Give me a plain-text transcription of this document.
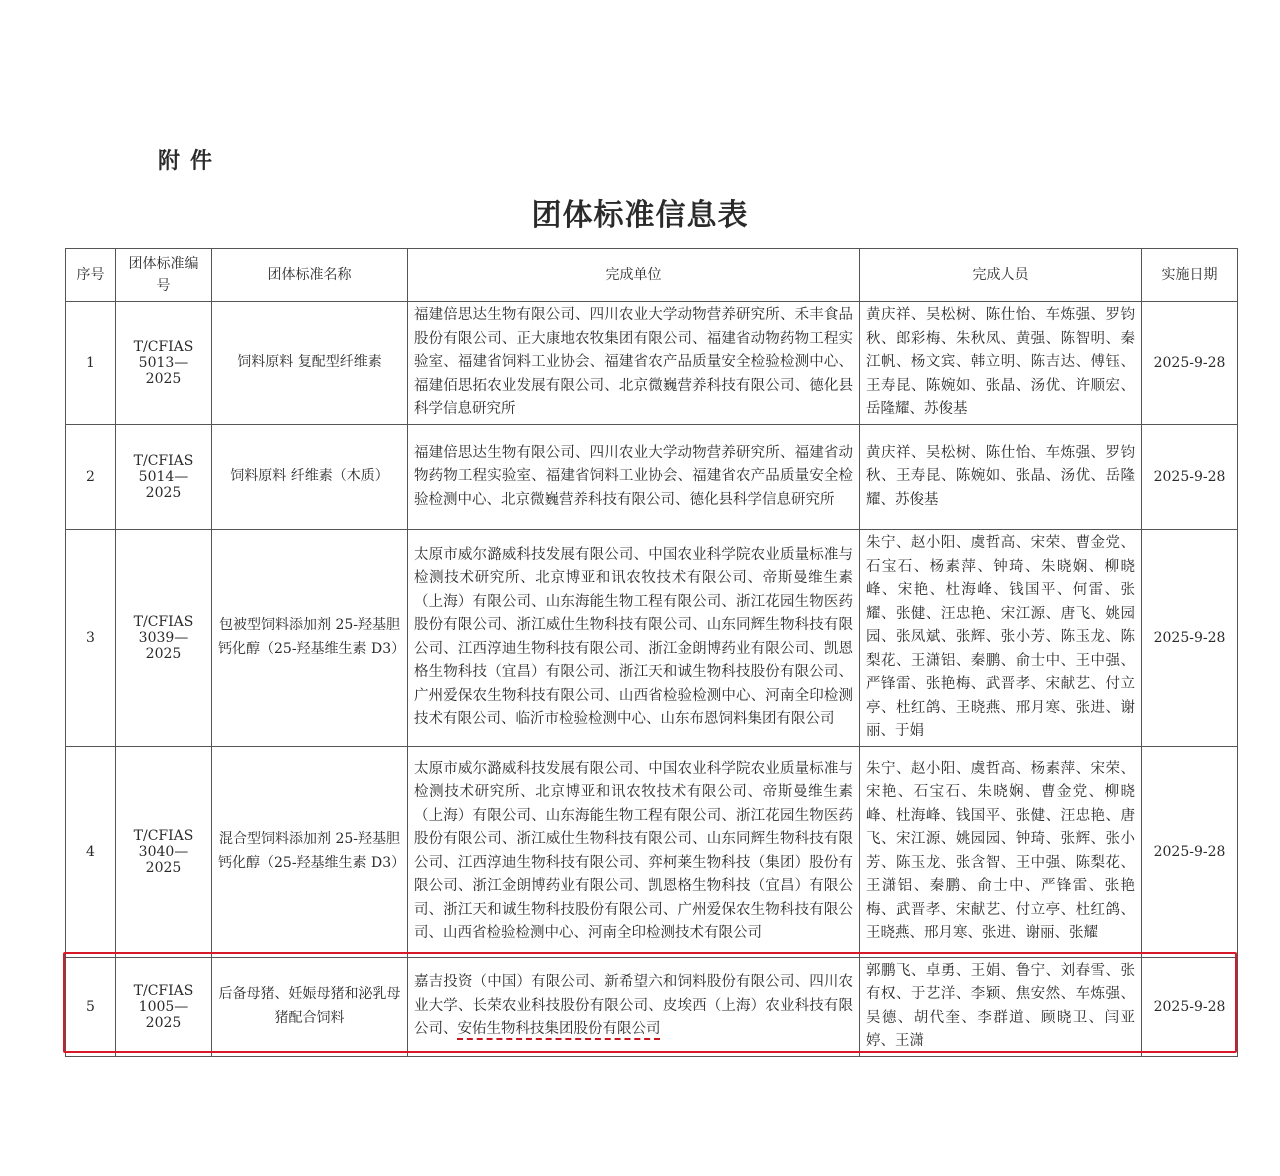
附件
团体标准信息表
序号	团体标准编号	团体标准名称	完成单位	完成人员	实施日期
1	T/CFIAS 5013—2025	饲料原料 复配型纤维素	福建倍思达生物有限公司、四川农业大学动物营养研究所、禾丰食品股份有限公司、正大康地农牧集团有限公司、福建省动物药物工程实验室、福建省饲料工业协会、福建省农产品质量安全检验检测中心、福建佰思拓农业发展有限公司、北京微巍营养科技有限公司、德化县科学信息研究所	黄庆祥、吴松树、陈仕怡、车炼强、罗钧秋、郎彩梅、朱秋凤、黄强、陈智明、秦江帆、杨文宾、韩立明、陈吉达、傅钰、王寿昆、陈婉如、张晶、汤优、许顺宏、岳隆耀、苏俊基	2025-9-28
2	T/CFIAS 5014—2025	饲料原料 纤维素（木质）	福建倍思达生物有限公司、四川农业大学动物营养研究所、福建省动物药物工程实验室、福建省饲料工业协会、福建省农产品质量安全检验检测中心、北京微巍营养科技有限公司、德化县科学信息研究所	黄庆祥、吴松树、陈仕怡、车炼强、罗钧秋、王寿昆、陈婉如、张晶、汤优、岳隆耀、苏俊基	2025-9-28
3	T/CFIAS 3039—2025	包被型饲料添加剂 25-羟基胆钙化醇（25-羟基维生素 D3）	太原市威尔潞威科技发展有限公司、中国农业科学院农业质量标准与检测技术研究所、北京博亚和讯农牧技术有限公司、帝斯曼维生素（上海）有限公司、山东海能生物工程有限公司、浙江花园生物医药股份有限公司、浙江威仕生物科技有限公司、山东同辉生物科技有限公司、江西淳迪生物科技有限公司、浙江金朗博药业有限公司、凯恩格生物科技（宜昌）有限公司、浙江天和诚生物科技股份有限公司、广州爱保农生物科技有限公司、山西省检验检测中心、河南全印检测技术有限公司、临沂市检验检测中心、山东布恩饲料集团有限公司	朱宁、赵小阳、虞哲高、宋荣、曹金党、石宝石、杨素萍、钟琦、朱晓娴、柳晓峰、宋艳、杜海峰、钱国平、何雷、张耀、张健、汪忠艳、宋江源、唐飞、姚园园、张凤斌、张辉、张小芳、陈玉龙、陈梨花、王潇铝、秦鹏、俞士中、王中强、严锋雷、张艳梅、武晋孝、宋献艺、付立亭、杜红鸽、王晓燕、邢月寒、张进、谢丽、于娟	2025-9-28
4	T/CFIAS 3040—2025	混合型饲料添加剂 25-羟基胆钙化醇（25-羟基维生素 D3）	太原市威尔潞威科技发展有限公司、中国农业科学院农业质量标准与检测技术研究所、北京博亚和讯农牧技术有限公司、帝斯曼维生素（上海）有限公司、山东海能生物工程有限公司、浙江花园生物医药股份有限公司、浙江威仕生物科技有限公司、山东同辉生物科技有限公司、江西淳迪生物科技有限公司、弈柯莱生物科技（集团）股份有限公司、浙江金朗博药业有限公司、凯恩格生物科技（宜昌）有限公司、浙江天和诚生物科技股份有限公司、广州爱保农生物科技有限公司、山西省检验检测中心、河南全印检测技术有限公司	朱宁、赵小阳、虞哲高、杨素萍、宋荣、宋艳、石宝石、朱晓娴、曹金党、柳晓峰、杜海峰、钱国平、张健、汪忠艳、唐飞、宋江源、姚园园、钟琦、张辉、张小芳、陈玉龙、张含智、王中强、陈梨花、王潇铝、秦鹏、俞士中、严锋雷、张艳梅、武晋孝、宋献艺、付立亭、杜红鸽、王晓燕、邢月寒、张进、谢丽、张耀	2025-9-28
5	T/CFIAS 1005—2025	后备母猪、妊娠母猪和泌乳母猪配合饲料	嘉吉投资（中国）有限公司、新希望六和饲料股份有限公司、四川农业大学、长荣农业科技股份有限公司、皮埃西（上海）农业科技有限公司、安佑生物科技集团股份有限公司	郭鹏飞、卓勇、王娟、鲁宁、刘春雪、张有权、于艺洋、李颖、焦安然、车炼强、吴德、胡代奎、李群道、顾晓卫、闫亚婷、王潇	2025-9-28
